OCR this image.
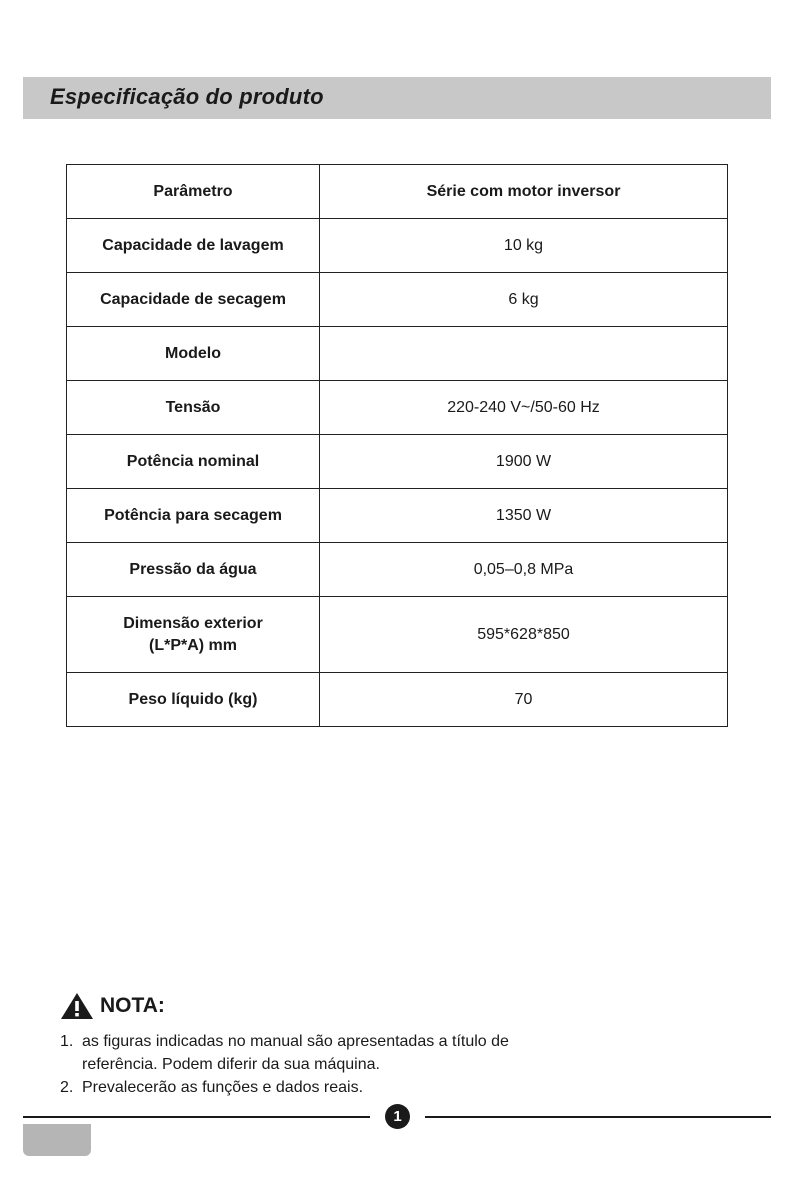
Especificação do produto
Parâmetro	Série com motor inversor
Capacidade de lavagem	10 kg
Capacidade de secagem	6 kg
Modelo	
Tensão	220-240 V~/50-60 Hz
Potência nominal	1900 W
Potência para secagem	1350 W
Pressão da água	0,05–0,8 MPa

Dimensão exterior
(L*P*A) mm	595*628*850
Peso líquido (kg)	70
NOTA:
1. as figuras indicadas no manual são apresentadas a título de
referência. Podem diferir da sua máquina.
2. Prevalecerão as funções e dados reais.
1
